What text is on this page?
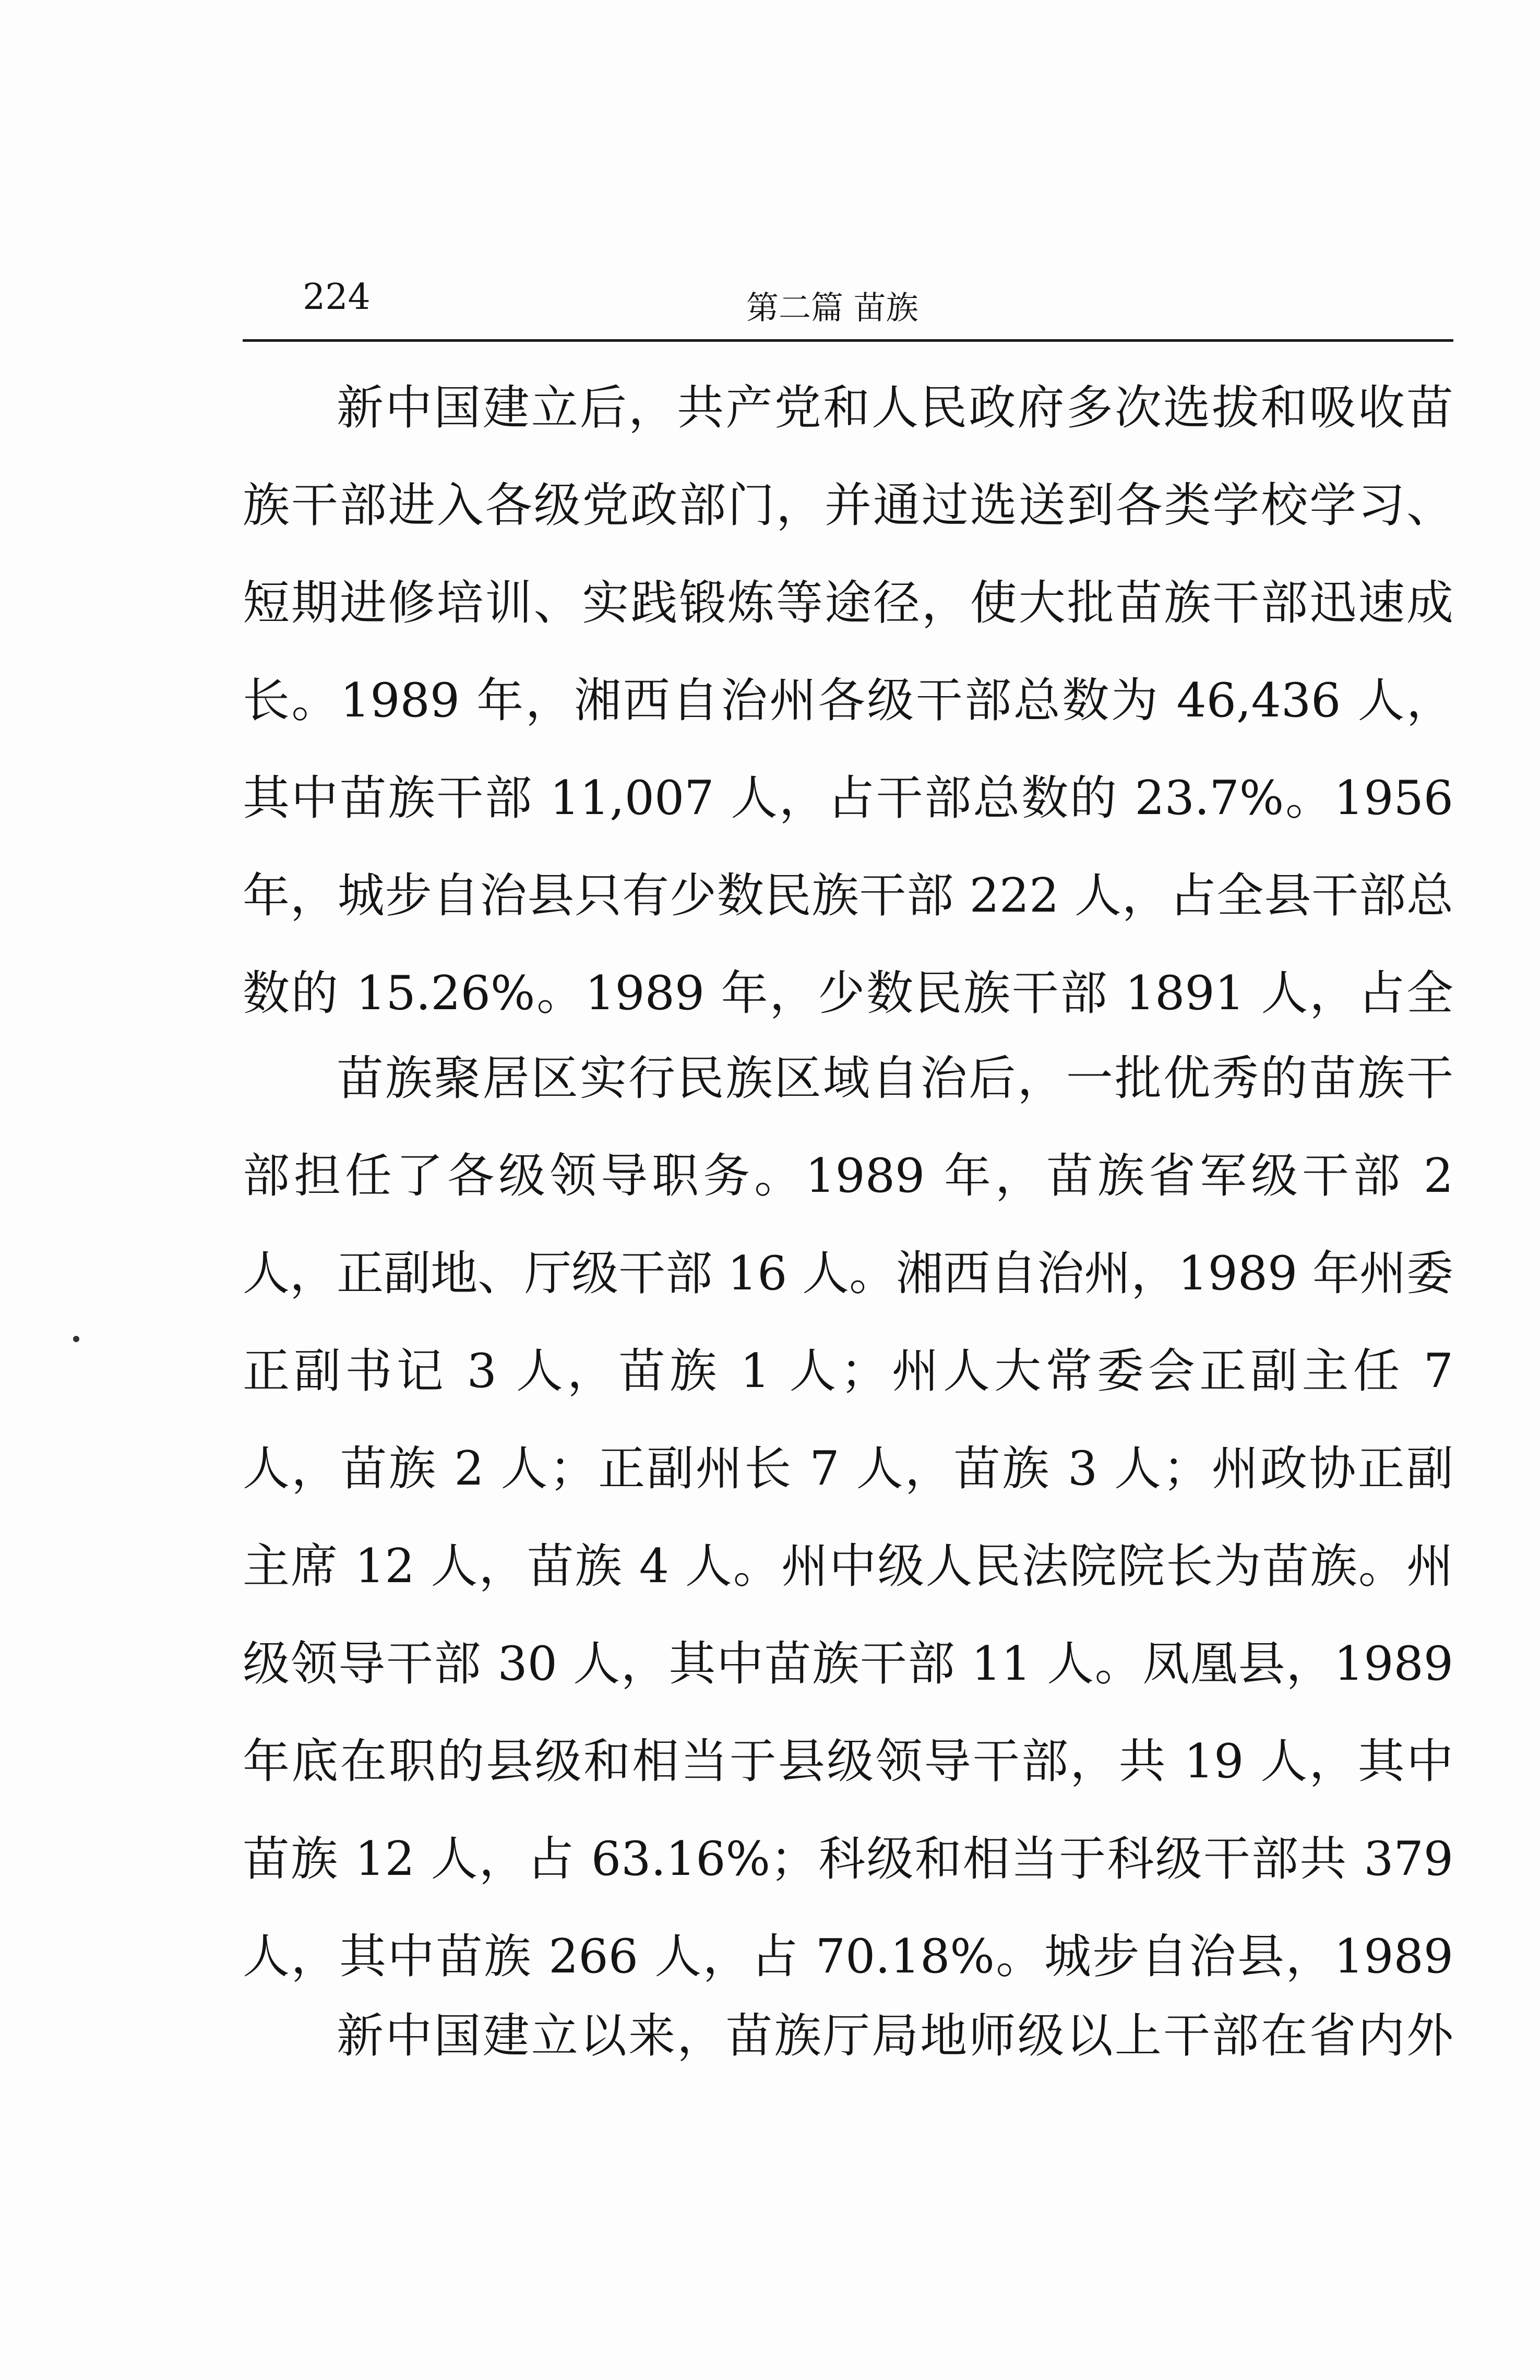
224	第二篇 苗族

新中国建立后，共产党和人民政府多次选拔和吸收苗族干部进入各级党政部门，并通过选送到各类学校学习、短期进修培训、实践锻炼等途径，使大批苗族干部迅速成长。1989 年，湘西自治州各级干部总数为 46,436 人，其中苗族干部 11,007 人，占干部总数的 23.7%。1956 年，城步自治县只有少数民族干部 222 人，占全县干部总数的 15.26%。1989 年，少数民族干部 1891 人，占全

苗族聚居区实行民族区域自治后，一批优秀的苗族干部担任了各级领导职务。1989 年，苗族省军级干部 2 人，正副地、厅级干部 16 人。湘西自治州，1989 年州委正副书记 3 人，苗族 1 人；州人大常委会正副主任 7 人，苗族 2 人；正副州长 7 人，苗族 3 人；州政协正副主席 12 人，苗族 4 人。州中级人民法院院长为苗族。州级领导干部 30 人，其中苗族干部 11 人。凤凰县，1989 年底在职的县级和相当于县级领导干部，共 19 人，其中苗族 12 人，占 63.16%；科级和相当于科级干部共 379 人，其中苗族 266 人，占 70.18%。城步自治县，1989

新中国建立以来，苗族厅局地师级以上干部在省内外
